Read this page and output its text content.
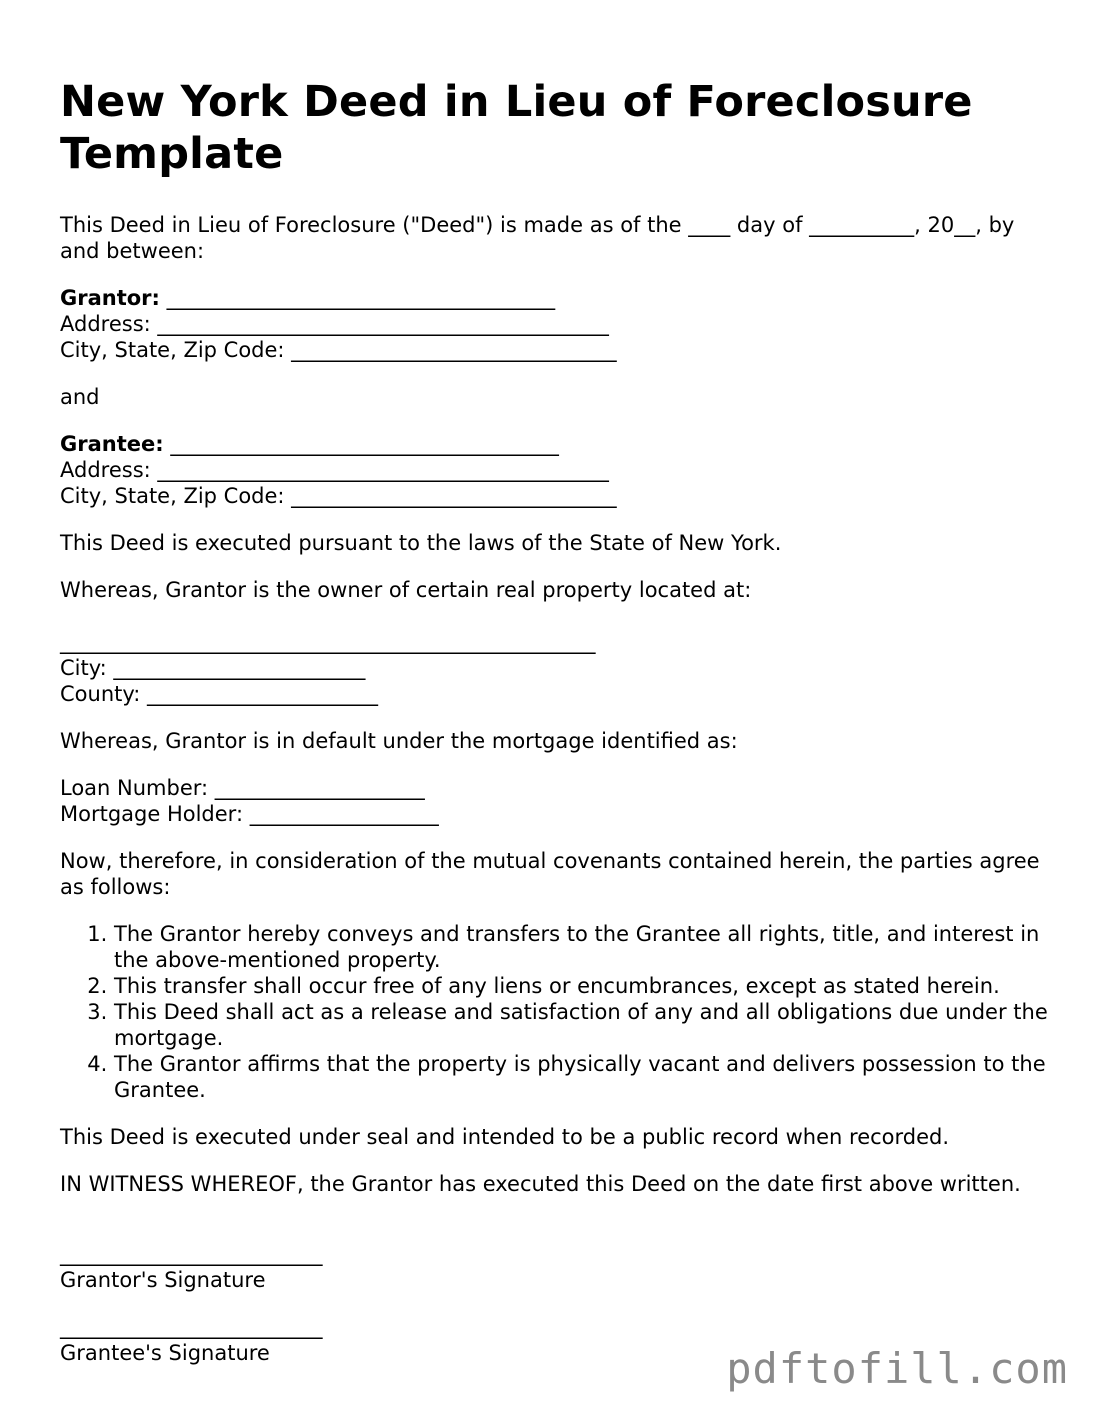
New York Deed in Lieu of Foreclosure Template

This Deed in Lieu of Foreclosure ("Deed") is made as of the ____ day of __________, 20__, by and between:

Grantor: _____________________________________

Address: ___________________________________________

City, State, Zip Code: _______________________________

and

Grantee: _____________________________________

Address: ___________________________________________

City, State, Zip Code: _______________________________

This Deed is executed pursuant to the laws of the State of New York.

Whereas, Grantor is the owner of certain real property located at:

___________________________________________________

City: ________________________

County: ______________________

Whereas, Grantor is in default under the mortgage identified as:

Loan Number: ____________________

Mortgage Holder: __________________

Now, therefore, in consideration of the mutual covenants contained herein, the parties agree as follows:

1. The Grantor hereby conveys and transfers to the Grantee all rights, title, and interest in the above-mentioned property.
2. This transfer shall occur free of any liens or encumbrances, except as stated herein.
3. This Deed shall act as a release and satisfaction of any and all obligations due under the mortgage.
4. The Grantor affirms that the property is physically vacant and delivers possession to the Grantee.

This Deed is executed under seal and intended to be a public record when recorded.

IN WITNESS WHEREOF, the Grantor has executed this Deed on the date first above written.

_________________________

Grantor's Signature

_________________________

Grantee's Signature	pdftofill.com
